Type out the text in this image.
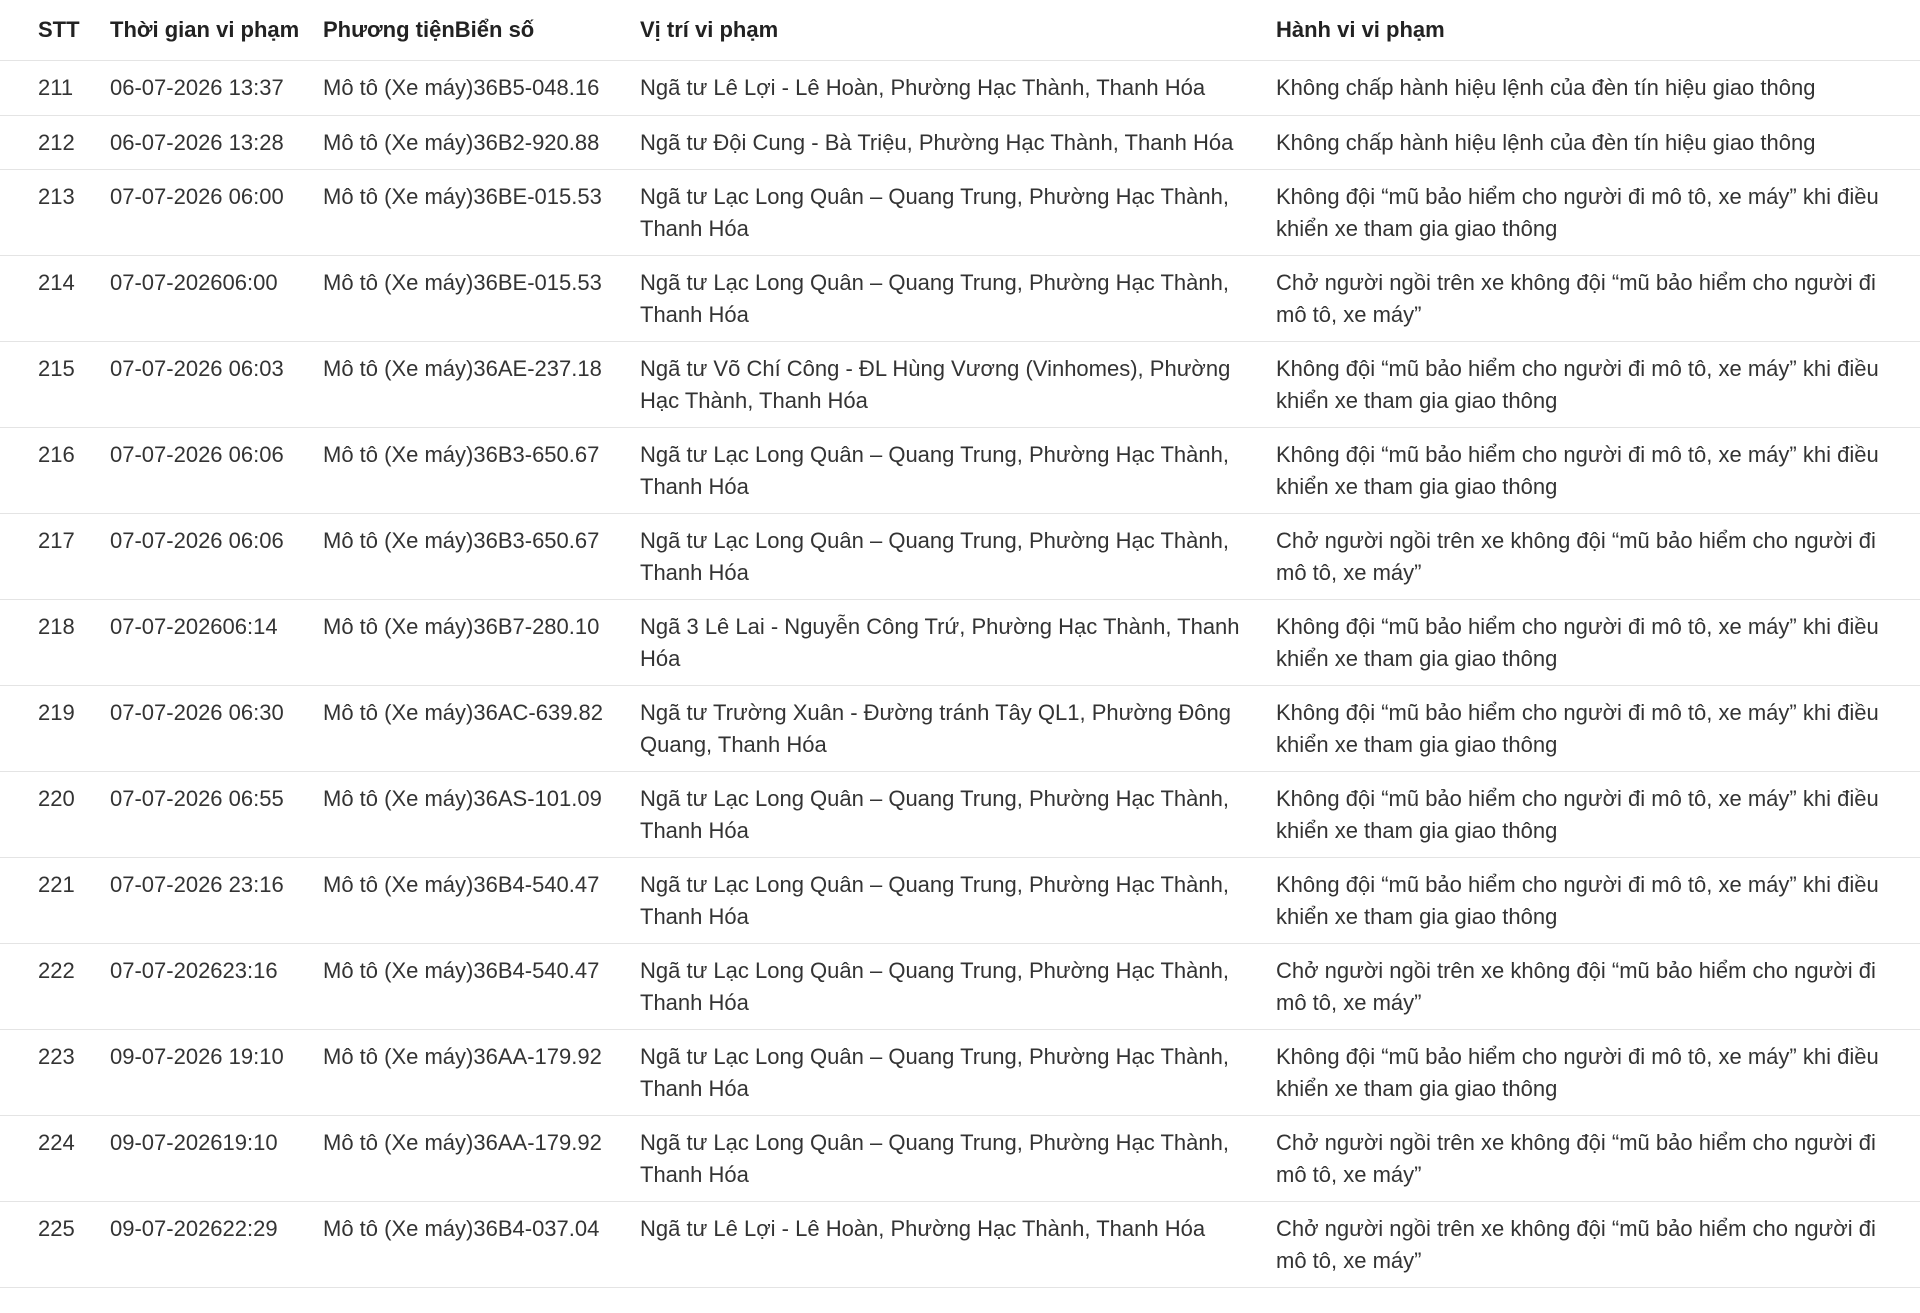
STT	Thời gian vi phạm	Phương tiệnBiển số	Vị trí vi phạm	Hành vi vi phạm
211	06-07-2026 13:37	Mô tô (Xe máy)36B5-048.16	Ngã tư Lê Lợi - Lê Hoàn, Phường Hạc Thành, Thanh Hóa	Không chấp hành hiệu lệnh của đèn tín hiệu giao thông
212	06-07-2026 13:28	Mô tô (Xe máy)36B2-920.88	Ngã tư Đội Cung - Bà Triệu, Phường Hạc Thành, Thanh Hóa	Không chấp hành hiệu lệnh của đèn tín hiệu giao thông
213	07-07-2026 06:00	Mô tô (Xe máy)36BE-015.53	Ngã tư Lạc Long Quân – Quang Trung, Phường Hạc Thành, Thanh Hóa	Không đội “mũ bảo hiểm cho người đi mô tô, xe máy” khi điều khiển xe tham gia giao thông
214	07-07-202606:00	Mô tô (Xe máy)36BE-015.53	Ngã tư Lạc Long Quân – Quang Trung, Phường Hạc Thành, Thanh Hóa	Chở người ngồi trên xe không đội “mũ bảo hiểm cho người đi mô tô, xe máy”
215	07-07-2026 06:03	Mô tô (Xe máy)36AE-237.18	Ngã tư Võ Chí Công - ĐL Hùng Vương (Vinhomes), Phường Hạc Thành, Thanh Hóa	Không đội “mũ bảo hiểm cho người đi mô tô, xe máy” khi điều khiển xe tham gia giao thông
216	07-07-2026 06:06	Mô tô (Xe máy)36B3-650.67	Ngã tư Lạc Long Quân – Quang Trung, Phường Hạc Thành, Thanh Hóa	Không đội “mũ bảo hiểm cho người đi mô tô, xe máy” khi điều khiển xe tham gia giao thông
217	07-07-2026 06:06	Mô tô (Xe máy)36B3-650.67	Ngã tư Lạc Long Quân – Quang Trung, Phường Hạc Thành, Thanh Hóa	Chở người ngồi trên xe không đội “mũ bảo hiểm cho người đi mô tô, xe máy”
218	07-07-202606:14	Mô tô (Xe máy)36B7-280.10	Ngã 3 Lê Lai - Nguyễn Công Trứ, Phường Hạc Thành, Thanh Hóa	Không đội “mũ bảo hiểm cho người đi mô tô, xe máy” khi điều khiển xe tham gia giao thông
219	07-07-2026 06:30	Mô tô (Xe máy)36AC-639.82	Ngã tư Trường Xuân - Đường tránh Tây QL1, Phường Đông Quang, Thanh Hóa	Không đội “mũ bảo hiểm cho người đi mô tô, xe máy” khi điều khiển xe tham gia giao thông
220	07-07-2026 06:55	Mô tô (Xe máy)36AS-101.09	Ngã tư Lạc Long Quân – Quang Trung, Phường Hạc Thành, Thanh Hóa	Không đội “mũ bảo hiểm cho người đi mô tô, xe máy” khi điều khiển xe tham gia giao thông
221	07-07-2026 23:16	Mô tô (Xe máy)36B4-540.47	Ngã tư Lạc Long Quân – Quang Trung, Phường Hạc Thành, Thanh Hóa	Không đội “mũ bảo hiểm cho người đi mô tô, xe máy” khi điều khiển xe tham gia giao thông
222	07-07-202623:16	Mô tô (Xe máy)36B4-540.47	Ngã tư Lạc Long Quân – Quang Trung, Phường Hạc Thành, Thanh Hóa	Chở người ngồi trên xe không đội “mũ bảo hiểm cho người đi mô tô, xe máy”
223	09-07-2026 19:10	Mô tô (Xe máy)36AA-179.92	Ngã tư Lạc Long Quân – Quang Trung, Phường Hạc Thành, Thanh Hóa	Không đội “mũ bảo hiểm cho người đi mô tô, xe máy” khi điều khiển xe tham gia giao thông
224	09-07-202619:10	Mô tô (Xe máy)36AA-179.92	Ngã tư Lạc Long Quân – Quang Trung, Phường Hạc Thành, Thanh Hóa	Chở người ngồi trên xe không đội “mũ bảo hiểm cho người đi mô tô, xe máy”
225	09-07-202622:29	Mô tô (Xe máy)36B4-037.04	Ngã tư Lê Lợi - Lê Hoàn, Phường Hạc Thành, Thanh Hóa	Chở người ngồi trên xe không đội “mũ bảo hiểm cho người đi mô tô, xe máy”
